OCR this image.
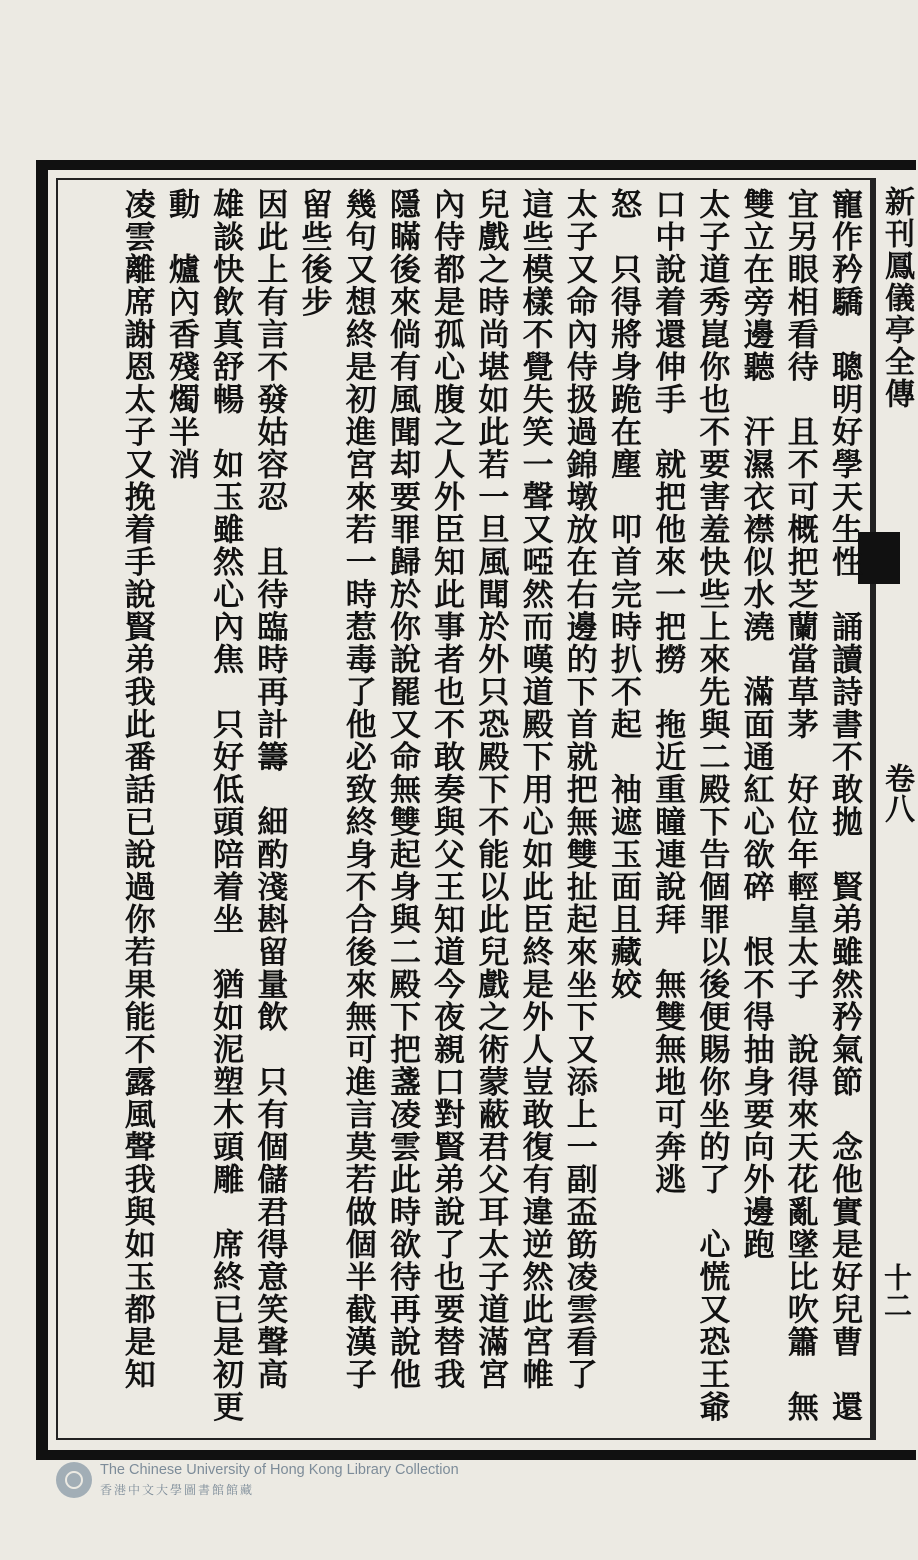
新刊鳳儀亭全傳
卷八
十二
寵作矜驕　聰明好學天生性　誦讀詩書不敢拋　賢弟雖然矜氣節　念他實是好兒曹　還
宜另眼相看待　且不可概把芝蘭當草茅　好位年輕皇太子　說得來天花亂墜比吹簫　無
雙立在旁邊聽　汗濕衣襟似水澆　滿面通紅心欲碎　恨不得抽身要向外邊跑
太子道秀崑你也不要害羞快些上來先與二殿下告個罪以後便賜你坐的了　心慌又恐王爺
口中說着還伸手　就把他來一把撈　拖近重瞳連說拜　無雙無地可奔逃
怒　只得將身跪在塵　叩首完時扒不起　袖遮玉面且藏姣
太子又命內侍扱過錦墩放在右邊的下首就把無雙扯起來坐下又添上一副盃筯凌雲看了
這些模樣不覺失笑一聲又啞然而嘆道殿下用心如此臣終是外人豈敢復有違逆然此宮帷
兒戲之時尚堪如此若一旦風聞於外只恐殿下不能以此兒戲之術蒙蔽君父耳太子道滿宮
內侍都是孤心腹之人外臣知此事者也不敢奏與父王知道今夜親口對賢弟說了也要替我
隱瞞後來倘有風聞却要罪歸於你說罷又命無雙起身與二殿下把盞凌雲此時欲待再說他
幾句又想終是初進宮來若一時惹毒了他必致終身不合後來無可進言莫若做個半截漢子
留些後步
因此上有言不發姑容忍　且待臨時再計籌　細酌淺斟留量飲　只有個儲君得意笑聲高
雄談快飲真舒暢　如玉雖然心內焦　只好低頭陪着坐　猶如泥塑木頭雕　席終已是初更
動　爐內香殘燭半消
凌雲離席謝恩太子又挽着手說賢弟我此番話已說過你若果能不露風聲我與如玉都是知
The Chinese University of Hong Kong Library Collection
香港中文大學圖書館館藏
